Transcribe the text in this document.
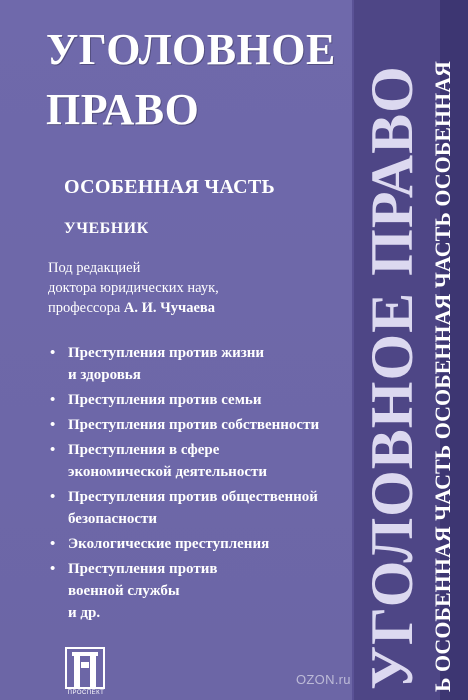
УГОЛОВНОЕ
ПРАВО
ОСОБЕННАЯ ЧАСТЬ
УЧЕБНИК
Под редакцией
доктора юридических наук,
профессора А. И. Чучаева
• Преступления против жизни
и здоровья
• Преступления против семьи
• Преступления против собственности
• Преступления в сфере
экономической деятельности
• Преступления против общественной
безопасности
• Экологические преступления
• Преступления против
военной службы
и др.	УГОЛОВНОЕ ПРАВО Ь ОСОБЕННАЯ ЧАСТЬ ОСОБЕННАЯ ЧАСТЬ ОСОБЕННАЯ
ПРОСПЕКТ
OZON.ru
